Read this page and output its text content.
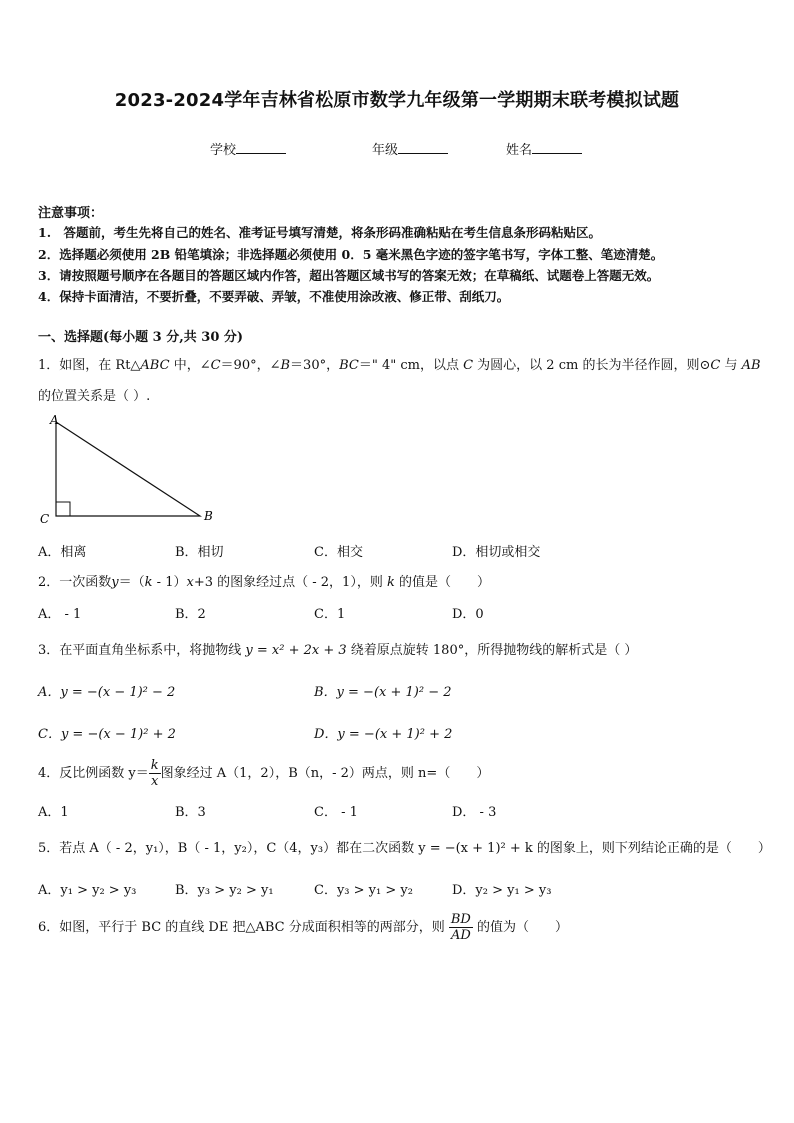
2023-2024学年吉林省松原市数学九年级第一学期期末联考模拟试题
学校	年级	姓名
注意事项：
1.　答题前，考生先将自己的姓名、准考证号填写清楚，将条形码准确粘贴在考生信息条形码粘贴区。
2．选择题必须使用 2B 铅笔填涂；非选择题必须使用 0．5 毫米黑色字迹的签字笔书写，字体工整、笔迹清楚。
3．请按照题号顺序在各题目的答题区域内作答，超出答题区域书写的答案无效；在草稿纸、试题卷上答题无效。
4．保持卡面清洁，不要折叠，不要弄破、弄皱，不准使用涂改液、修正带、刮纸刀。
一、选择题(每小题 3 分,共 30 分)
1．如图，在 Rt△ABC 中，∠C＝90°，∠B＝30°，BC＝" 4" cm，以点 C 为圆心，以 2 cm 的长为半径作圆，则⊙C 与 AB
的位置关系是（ ）.
A
C	B
A．相离	B．相切	C．相交	D．相切或相交
2．一次函数y＝（k - 1）x+3 的图象经过点（ - 2，1），则 k 的值是（　　）
A． - 1	B．2	C．1	D．0
3．在平面直角坐标系中，将抛物线 y = x² + 2x + 3 绕着原点旋转 180°，所得抛物线的解析式是（ ）
A．y = −(x − 1)² − 2	B．y = −(x + 1)² − 2
C．y = −(x − 1)² + 2	D．y = −(x + 1)² + 2
4．反比例函数 $y= \frac{k}{x}$ 图象经过 A（1，2），B（n，- 2）两点，则 n=（　　）
A．1	B．3	C． - 1	D． - 3
5．若点 A（ - 2，y₁），B（ - 1，y₂），C（4，y₃）都在二次函数 y = −(x + 1)² + k 的图象上，则下列结论正确的是（　　）
A．y₁ > y₂ > y₃	B．y₃ > y₂ > y₁	C．y₃ > y₁ > y₂	D．y₂ > y₁ > y₃
6．如图，平行于 BC 的直线 DE 把△ABC 分成面积相等的两部分，则 $\frac{BD}{AD}$ 的值为（　　）
